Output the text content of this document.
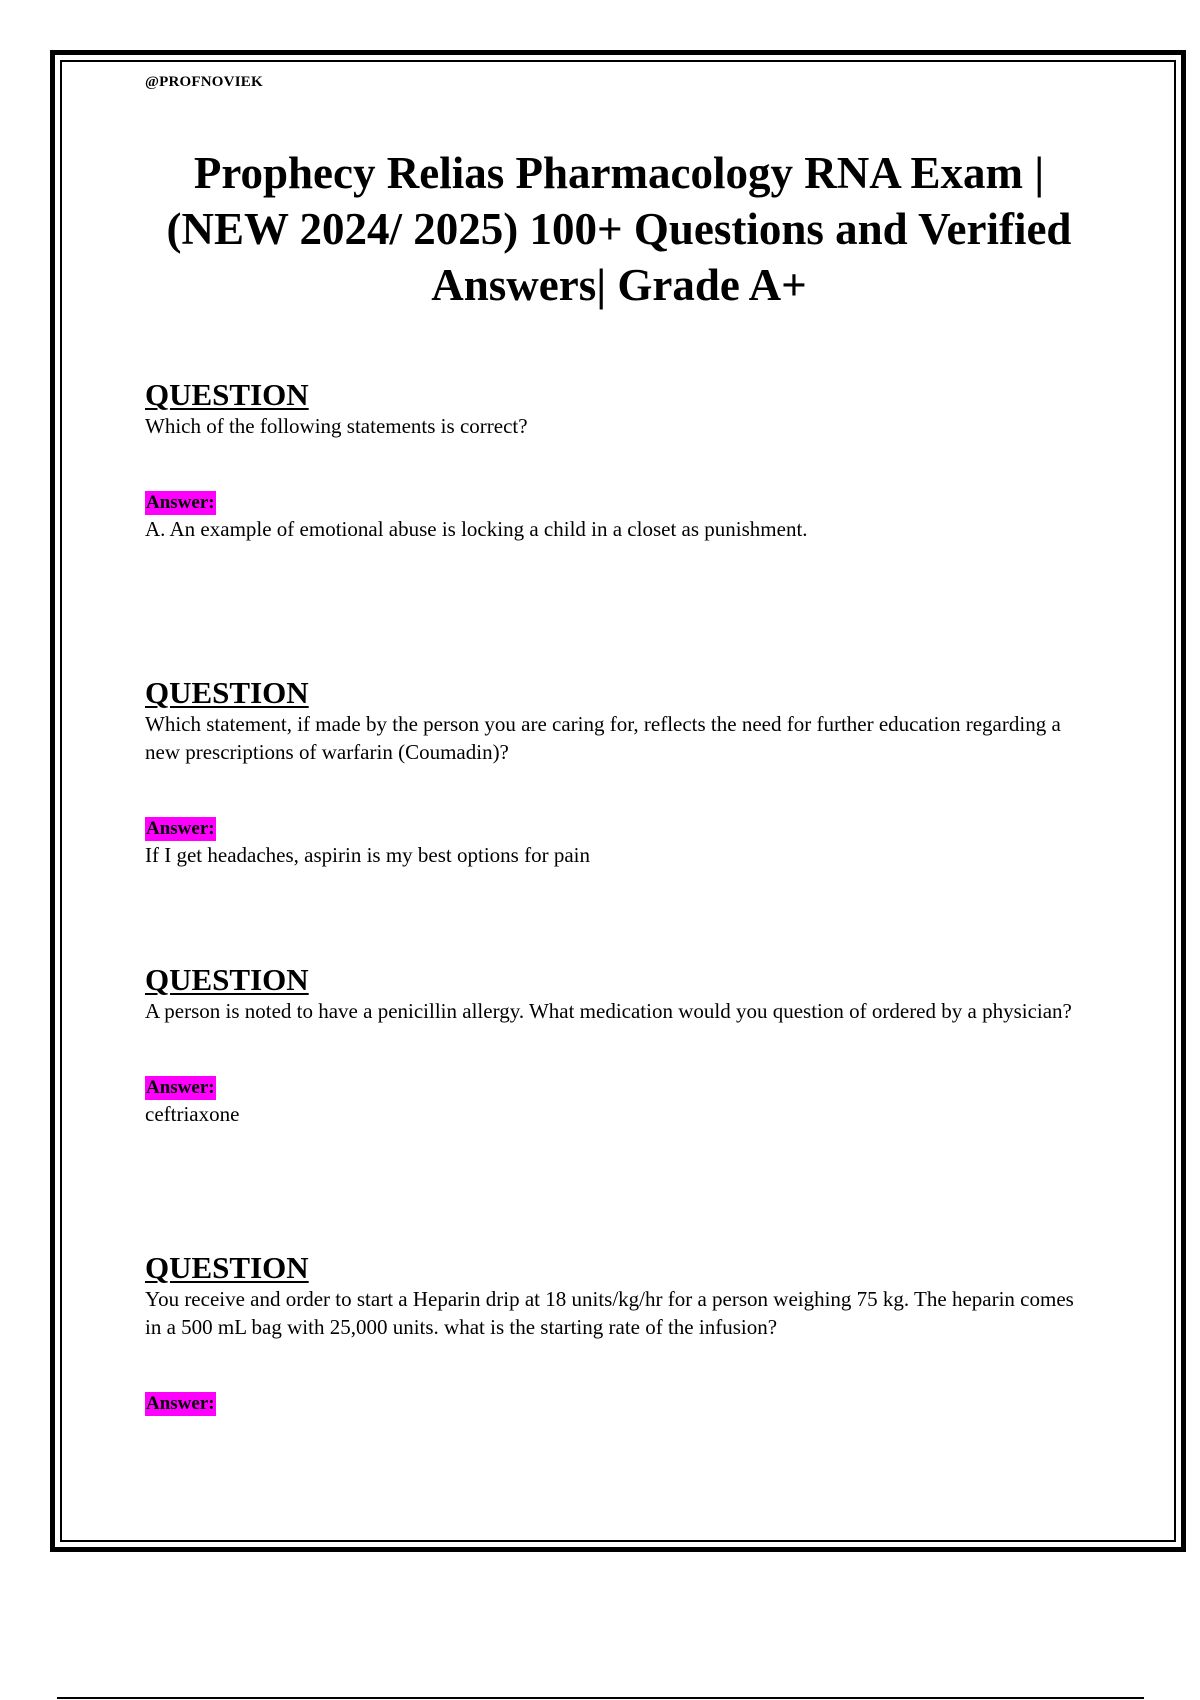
@PROFNOVIEK
Prophecy Relias Pharmacology RNA Exam | (NEW 2024/ 2025) 100+ Questions and Verified Answers| Grade A+
QUESTION
Which of the following statements is correct?
Answer:
A. An example of emotional abuse is locking a child in a closet as punishment.
QUESTION
Which statement, if made by the person you are caring for, reflects the need for further education regarding a new prescriptions of warfarin (Coumadin)?
Answer:
If I get headaches, aspirin is my best options for pain
QUESTION
A person is noted to have a penicillin allergy. What medication would you question of ordered by a physician?
Answer:
ceftriaxone
QUESTION
You receive and order to start a Heparin drip at 18 units/kg/hr for a person weighing 75 kg. The heparin comes in a 500 mL bag with 25,000 units. what is the starting rate of the infusion?
Answer:
